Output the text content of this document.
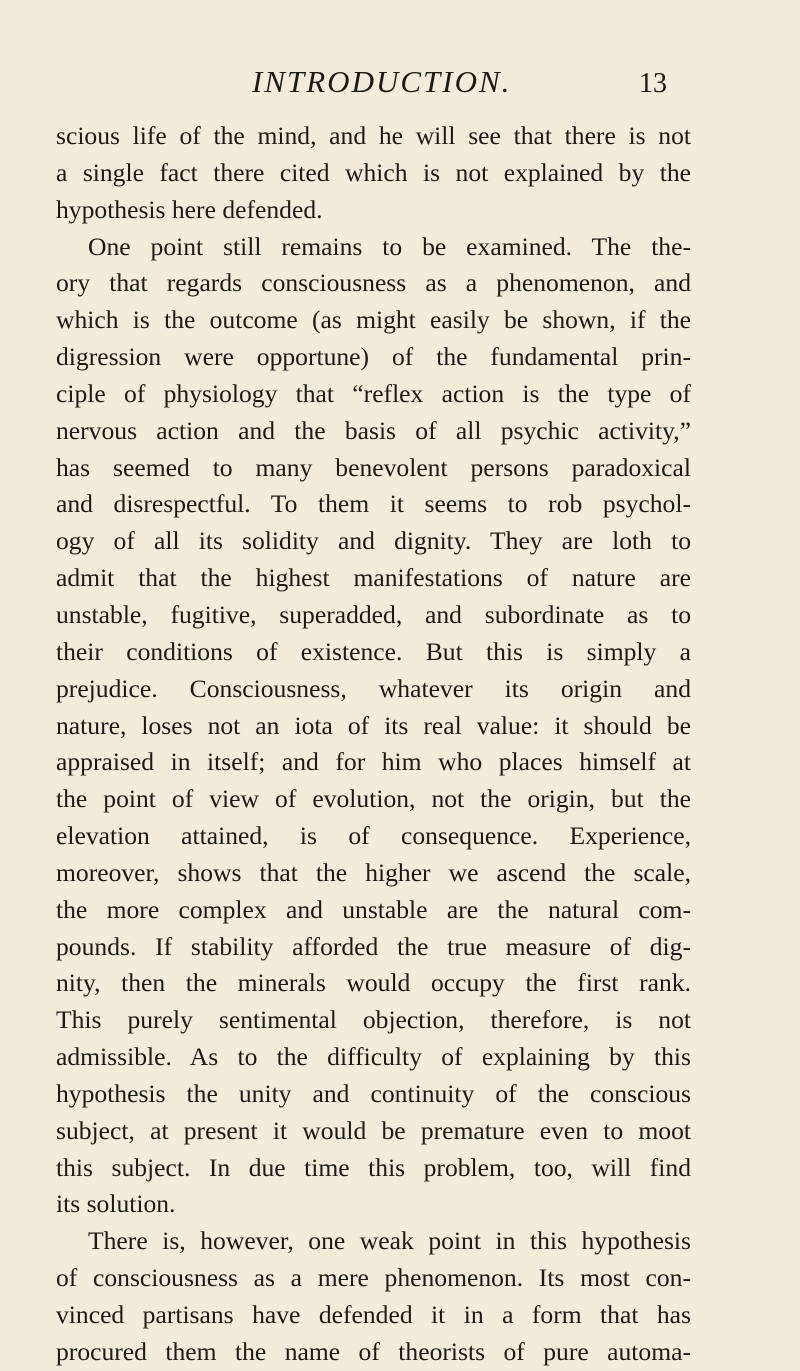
INTRODUCTION.	13
scious life of the mind, and he will see that there is not
a single fact there cited which is not explained by the
hypothesis here defended.
One point still remains to be examined. The the-
ory that regards consciousness as a phenomenon, and
which is the outcome (as might easily be shown, if the
digression were opportune) of the fundamental prin-
ciple of physiology that “reflex action is the type of
nervous action and the basis of all psychic activity,”
has seemed to many benevolent persons paradoxical
and disrespectful. To them it seems to rob psychol-
ogy of all its solidity and dignity. They are loth to
admit that the highest manifestations of nature are
unstable, fugitive, superadded, and subordinate as to
their conditions of existence. But this is simply a
prejudice. Consciousness, whatever its origin and
nature, loses not an iota of its real value: it should be
appraised in itself; and for him who places himself at
the point of view of evolution, not the origin, but the
elevation attained, is of consequence. Experience,
moreover, shows that the higher we ascend the scale,
the more complex and unstable are the natural com-
pounds. If stability afforded the true measure of dig-
nity, then the minerals would occupy the first rank.
This purely sentimental objection, therefore, is not
admissible. As to the difficulty of explaining by this
hypothesis the unity and continuity of the conscious
subject, at present it would be premature even to moot
this subject. In due time this problem, too, will find
its solution.
There is, however, one weak point in this hypothesis
of consciousness as a mere phenomenon. Its most con-
vinced partisans have defended it in a form that has
procured them the name of theorists of pure automa-
